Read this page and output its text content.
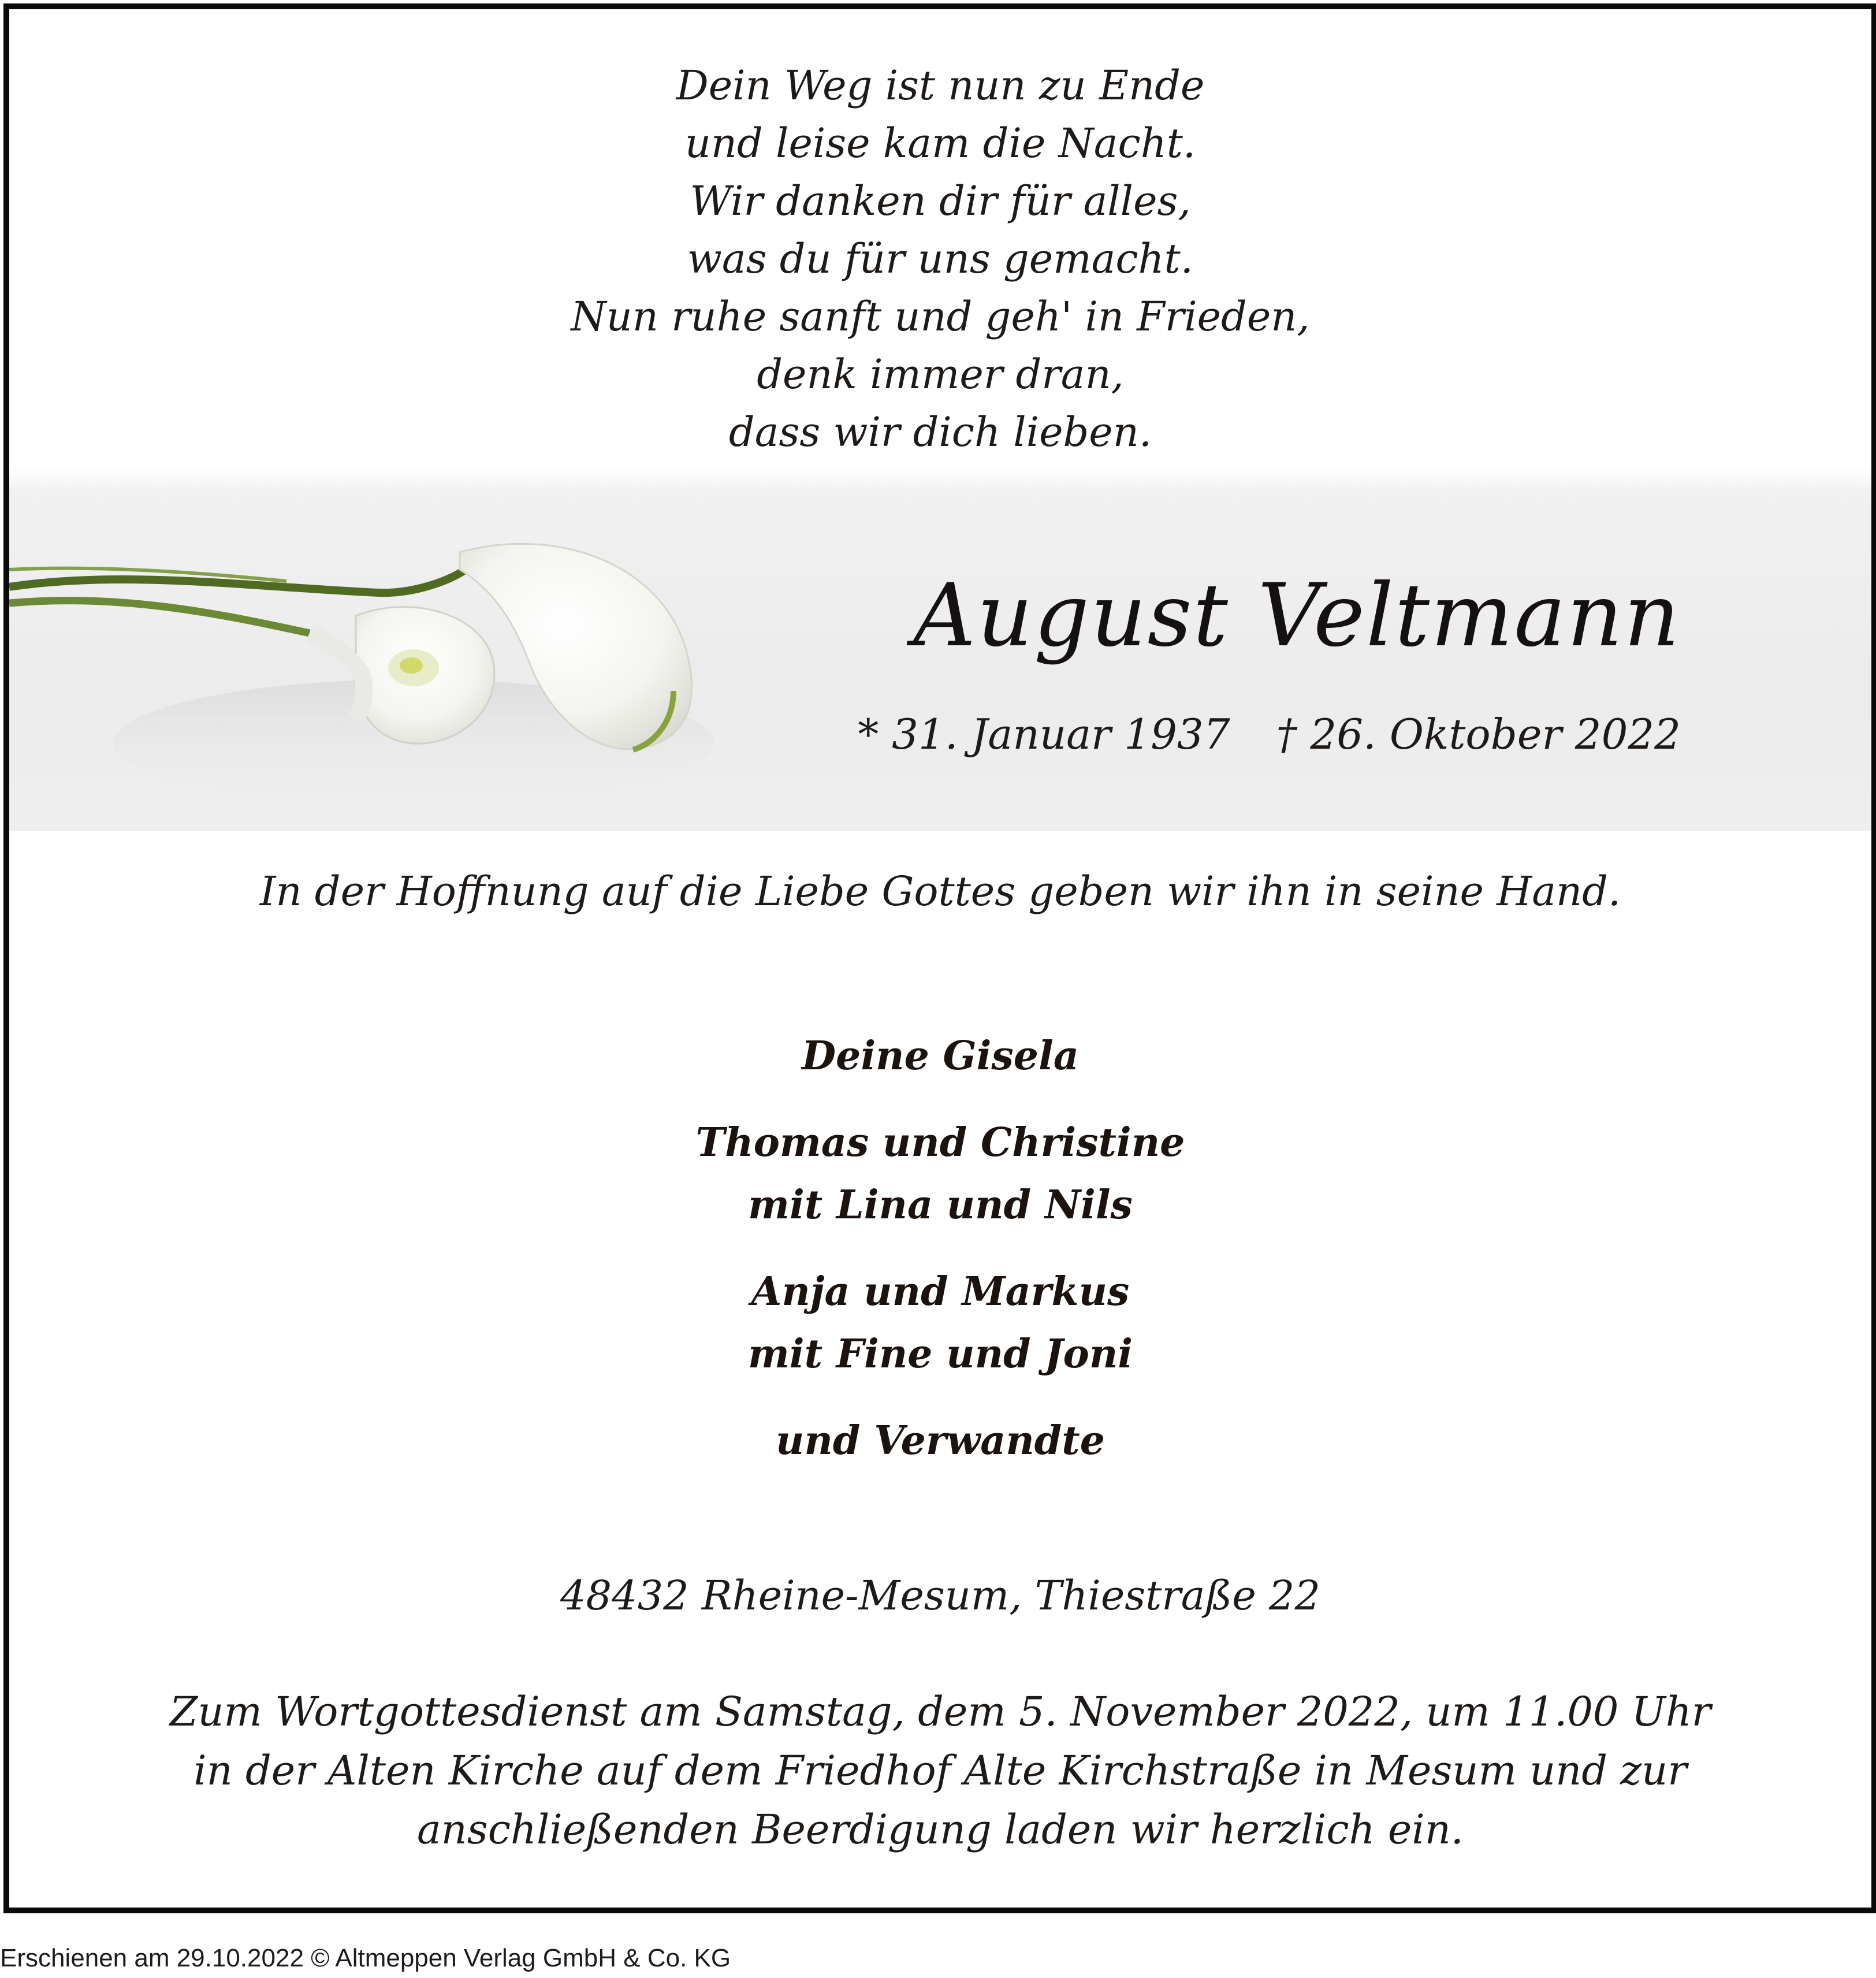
Dein Weg ist nun zu Ende
und leise kam die Nacht.
Wir danken dir für alles,
was du für uns gemacht.
Nun ruhe sanft und geh' in Frieden,
denk immer dran,
dass wir dich lieben.
August Veltmann
* 31. Januar 1937 † 26. Oktober 2022
In der Hoffnung auf die Liebe Gottes geben wir ihn in seine Hand.
Deine Gisela
Thomas und Christine
mit Lina und Nils
Anja und Markus
mit Fine und Joni
und Verwandte
48432 Rheine-Mesum, Thiestraße 22
Zum Wortgottesdienst am Samstag, dem 5. November 2022, um 11.00 Uhr
in der Alten Kirche auf dem Friedhof Alte Kirchstraße in Mesum und zur
anschließenden Beerdigung laden wir herzlich ein.
Erschienen am 29.10.2022 © Altmeppen Verlag GmbH & Co. KG
